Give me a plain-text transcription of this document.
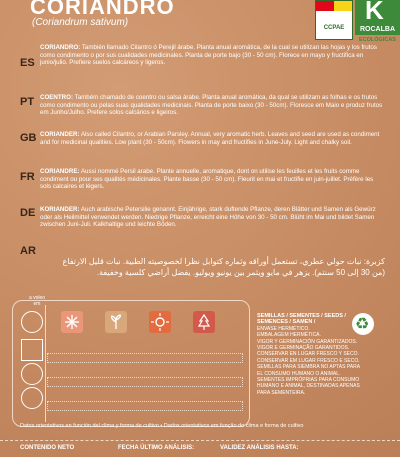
CORIANDRO
(Coriandrum sativum)	CCPAE
K
ROCALBA
ECOLÓGICAS
ES
CORIANDRO: También llamado Cilantro ó Perejil árabe. Planta anual aromática, de la cual se utilizan las hojas y los frutos como condimento o por sus cualidades medicinales. Planta de porte bajo (30 - 50 cm). Florece en mayo y fructifica en junio/julio. Prefiere suelos calcáreos y ligeros.
PT COENTRO: Também chamado de coentro ou salsa árabe. Planta anual aromática, da qual se utilizam as folhas e os frutos como condimento ou pelas suas qualidades medicinais. Planta de porte baixo (30 - 50cm). Floresce em Maio e produz frutos em Junho/Julho. Prefere solos calcários e ligeiros.
GB CORIANDER: Also called Cilantro, or Arabian Parsley. Annual, very aromatic herb. Leaves and seed are used as condiment and for medicinal qualities. Low plant (30 - 50cm). Flowers in may and fructifies in June-July. Light and chalky soil.
FR CORIANDRE: Aussi nommé Persil arabe. Plante annuelle, aromatique, dont on utilise les feuilles et les fruits comme condiment ou pour ses qualités médicinales. Plante basse (30 - 50 cm). Fleurit en mai et fructifie en juin-juillet. Préfère les sols calcaires et légers.
DE KORIANDER: Auch arabische Petersilie genannt. Einjährige, stark duftende Pflanze, deren Blätter und Samen als Gewürz oder als Heilmittel verwendet werden. Niedrige Pflanze, erreicht eine Höhe von 30 - 50 cm. Blüht im Mai und bildet Samen zwischen Juni-Juli. Kalkhaltige und leichte Böden.
AR
كزبرة: نبات حولي عطري، تستعمل أوراقه وثماره كتوابل نظرا لخصوصيته الطبية. نبات قليل الارتفاع (من 30 إلى 50 سنتم). يزهر في مايو ويثمر بين يونيو ويوليو. يفضل أراضي كلسية وخفيفة.
a voleo em
SEMILLAS / SEMENTES / SEEDS / SEMENCES / SAMEN /
ENVASE HERMÉTICO.
EMBALAGEM HERMÉTICA.
VIGOR Y GERMINACIÓN GARANTIZADOS.
VIGOR E GERMINAÇÃO GARANTIDOS.
CONSERVAR EN LUGAR FRESCO Y SECO.
CONSERVAR EM LUGAR FRESCO E SECO.
SEMILLAS PARA SIEMBRA NO APTAS PARA EL CONSUMO HUMANO O ANIMAL.
SEMENTES IMPRÓPRIAS PARA CONSUMO HUMANO E ANIMAL, DESTINADAS APENAS PARA SEMENTEIRA.
♻
Datos orientativos en función del clima y forma de cultivo • Dados orientativos em função do clima e forma de cultivo
CONTENIDO NETO	FECHA ÚLTIMO ANÁLISIS:	VALIDEZ ANÁLISIS HASTA:
